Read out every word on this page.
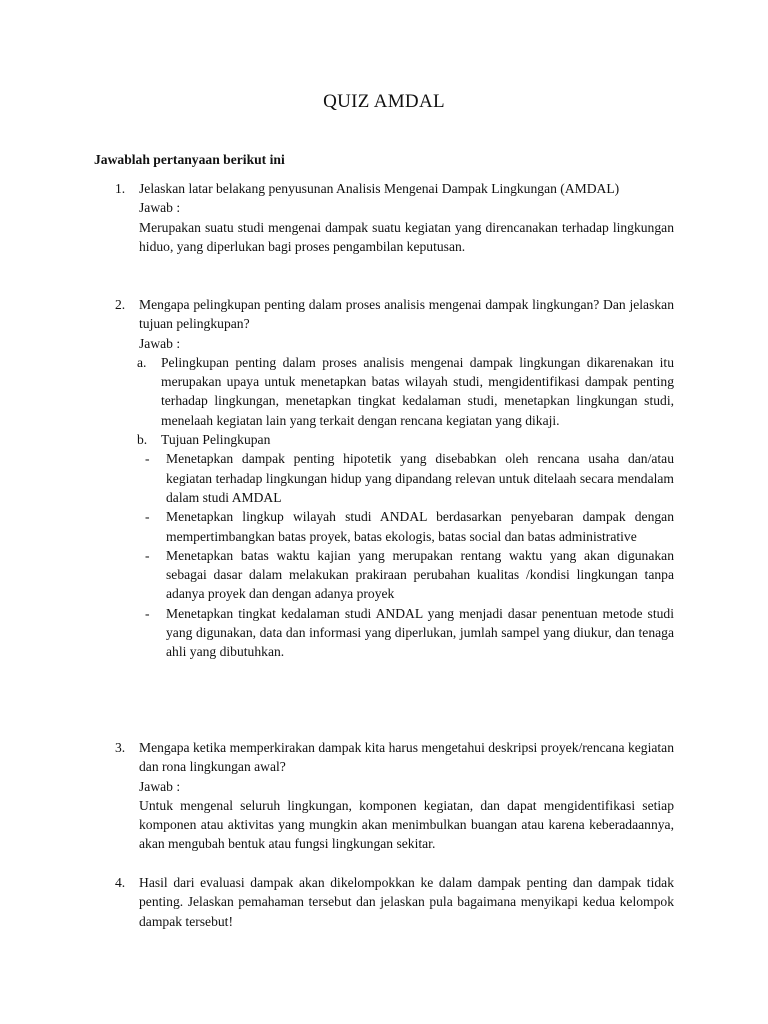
QUIZ AMDAL
Jawablah pertanyaan berikut ini
1. Jelaskan latar belakang penyusunan Analisis Mengenai Dampak Lingkungan (AMDAL)
Jawab :
Merupakan suatu studi mengenai dampak suatu kegiatan yang direncanakan terhadap lingkungan hiduo, yang diperlukan bagi proses pengambilan keputusan.
2. Mengapa pelingkupan penting dalam proses analisis mengenai dampak lingkungan? Dan jelaskan tujuan pelingkupan?
Jawab :
a. Pelingkupan penting dalam proses analisis mengenai dampak lingkungan dikarenakan itu merupakan upaya untuk menetapkan batas wilayah studi, mengidentifikasi dampak penting terhadap lingkungan, menetapkan tingkat kedalaman studi, menetapkan lingkungan studi, menelaah kegiatan lain yang terkait dengan rencana kegiatan yang dikaji.
b. Tujuan Pelingkupan
- Menetapkan dampak penting hipotetik yang disebabkan oleh rencana usaha dan/atau kegiatan terhadap lingkungan hidup yang dipandang relevan untuk ditelaah secara mendalam dalam studi AMDAL
- Menetapkan lingkup wilayah studi ANDAL berdasarkan penyebaran dampak dengan mempertimbangkan batas proyek, batas ekologis, batas social dan batas administrative
- Menetapkan batas waktu kajian yang merupakan rentang waktu yang akan digunakan sebagai dasar dalam melakukan prakiraan perubahan kualitas /kondisi lingkungan tanpa adanya proyek dan dengan adanya proyek
- Menetapkan tingkat kedalaman studi ANDAL yang menjadi dasar penentuan metode studi yang digunakan, data dan informasi yang diperlukan, jumlah sampel yang diukur, dan tenaga ahli yang dibutuhkan.
3. Mengapa ketika memperkirakan dampak kita harus mengetahui deskripsi proyek/rencana kegiatan dan rona lingkungan awal?
Jawab :
Untuk mengenal seluruh lingkungan, komponen kegiatan, dan dapat mengidentifikasi setiap komponen atau aktivitas yang mungkin akan menimbulkan buangan atau karena keberadaannya, akan mengubah bentuk atau fungsi lingkungan sekitar.
4. Hasil dari evaluasi dampak akan dikelompokkan ke dalam dampak penting dan dampak tidak penting. Jelaskan pemahaman tersebut dan jelaskan pula bagaimana menyikapi kedua kelompok dampak tersebut!
